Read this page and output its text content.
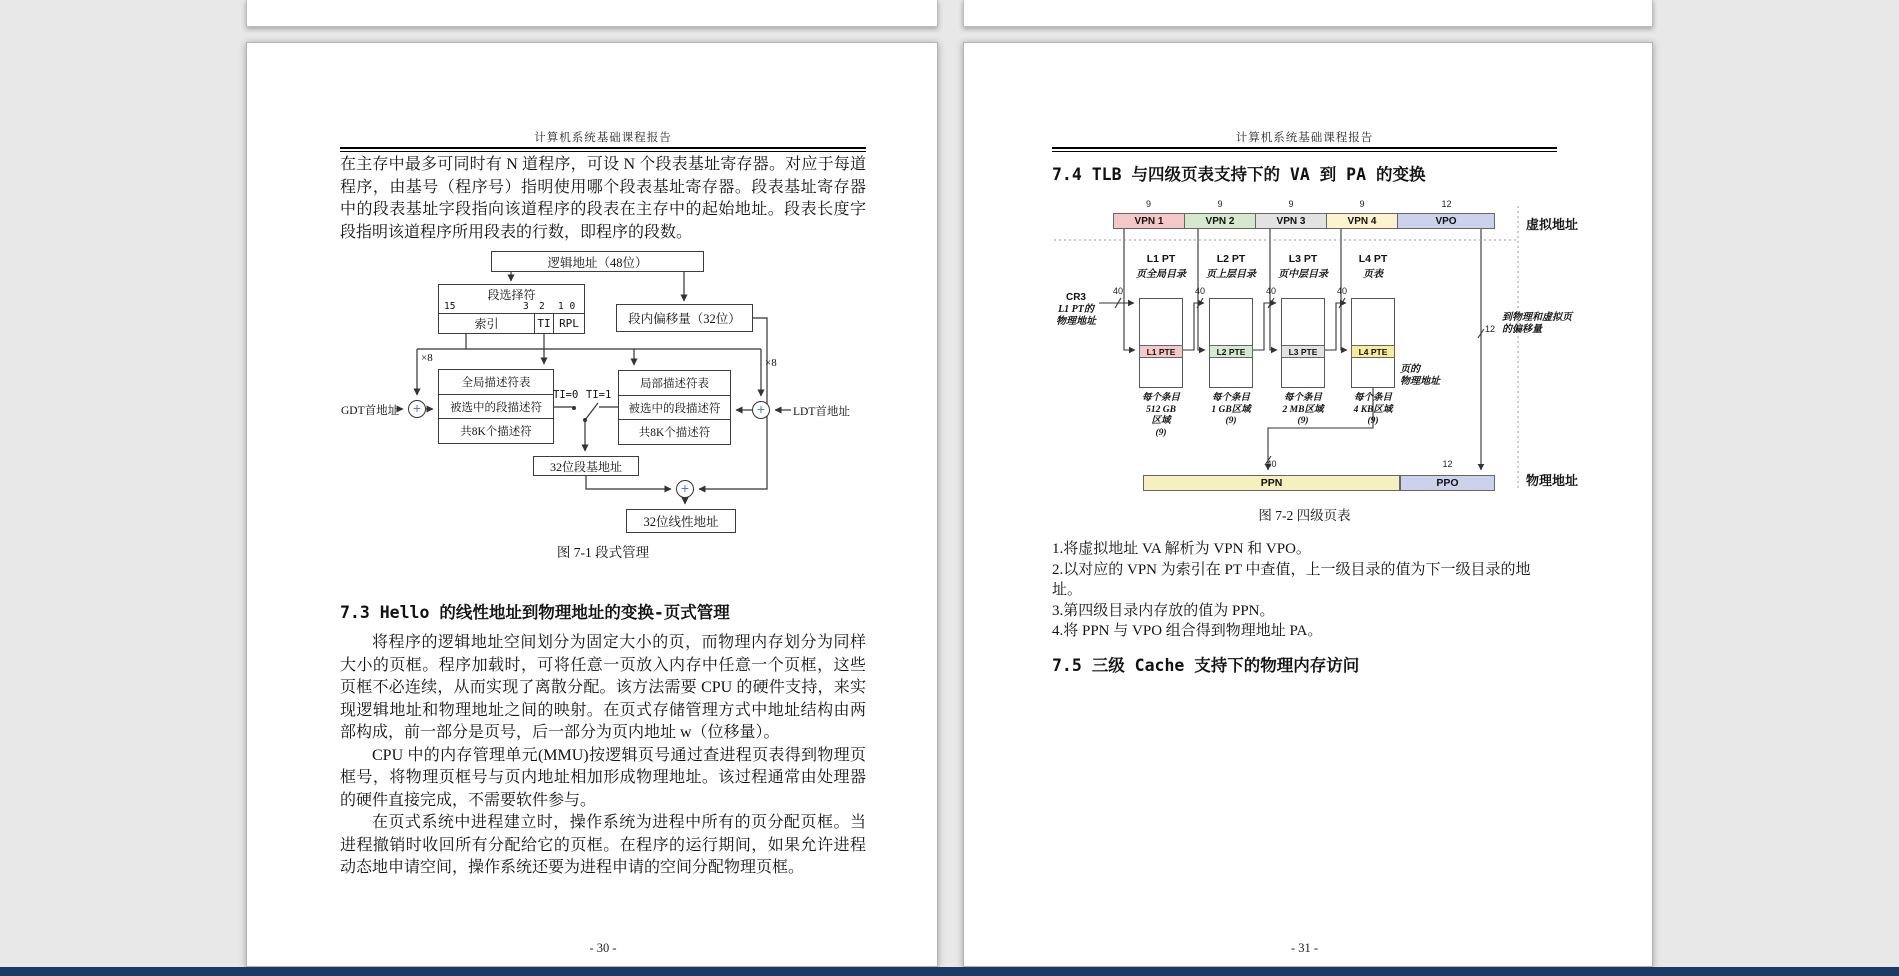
计算机系统基础课程报告

在主存中最多可同时有 N 道程序，可设 N 个段表基址寄存器。对应于每道程序，由基号（程序号）指明使用哪个段表基址寄存器。段表基址寄存器中的段表基址字段指向该道程序的段表在主存中的起始地址。段表长度字段指明该道程序所用段表的行数，即程序的段数。

逻辑地址（48位）
段选择符
15	3 2 1 0
索引	TI RPL	段内偏移量（32位）
×8	×8
GDT首地址 +
全局描述符表
被选中的段描述符
共8K个描述符
局部描述符表
被选中的段描述符
共8K个描述符
TI=0 TI=1
+	LDT首地址
32位段基地址
+
32位线性地址
图 7-1 段式管理
7.3 Hello 的线性地址到物理地址的变换-页式管理

将程序的逻辑地址空间划分为固定大小的页，而物理内存划分为同样大小的页框。程序加载时，可将任意一页放入内存中任意一个页框，这些页框不必连续，从而实现了离散分配。该方法需要 CPU 的硬件支持，来实现逻辑地址和物理地址之间的映射。在页式存储管理方式中地址结构由两部构成，前一部分是页号，后一部分为页内地址 w（位移量）。

CPU 中的内存管理单元(MMU)按逻辑页号通过查进程页表得到物理页框号，将物理页框号与页内地址相加形成物理地址。该过程通常由处理器的硬件直接完成，不需要软件参与。

在页式系统中进程建立时，操作系统为进程中所有的页分配页框。当进程撤销时收回所有分配给它的页框。在程序的运行期间，如果允许进程动态地申请空间，操作系统还要为进程申请的空间分配物理页框。

- 30 -
计算机系统基础课程报告
7.4 TLB 与四级页表支持下的 VA 到 PA 的变换
9	9	9	9	12
VPN 1	VPN 2	VPN 3	VPN 4	VPO	虚拟地址
L1 PT
页全局目录
L2 PT
页上层目录
L3 PT
页中层目录
L4 PT
页表
CR3
L1 PT的
物理地址
40	40	40	40
L1 PTE	L2 PTE	L3 PTE	L4 PTE
每个条目
512 GB
区域
(9)
每个条目
1 GB区域
(9)
每个条目
2 MB区域
(9)
每个条目
4 KB区域
(9)
12
到物理和虚拟页
的偏移量
页的
物理地址
40	12
PPN	PPO	物理地址
图 7-2 四级页表
1.将虚拟地址 VA 解析为 VPN 和 VPO。
2.以对应的 VPN 为索引在 PT 中查值，上一级目录的值为下一级目录的地址。
3.第四级目录内存放的值为 PPN。
4.将 PPN 与 VPO 组合得到物理地址 PA。
7.5 三级 Cache 支持下的物理内存访问
- 31 -
